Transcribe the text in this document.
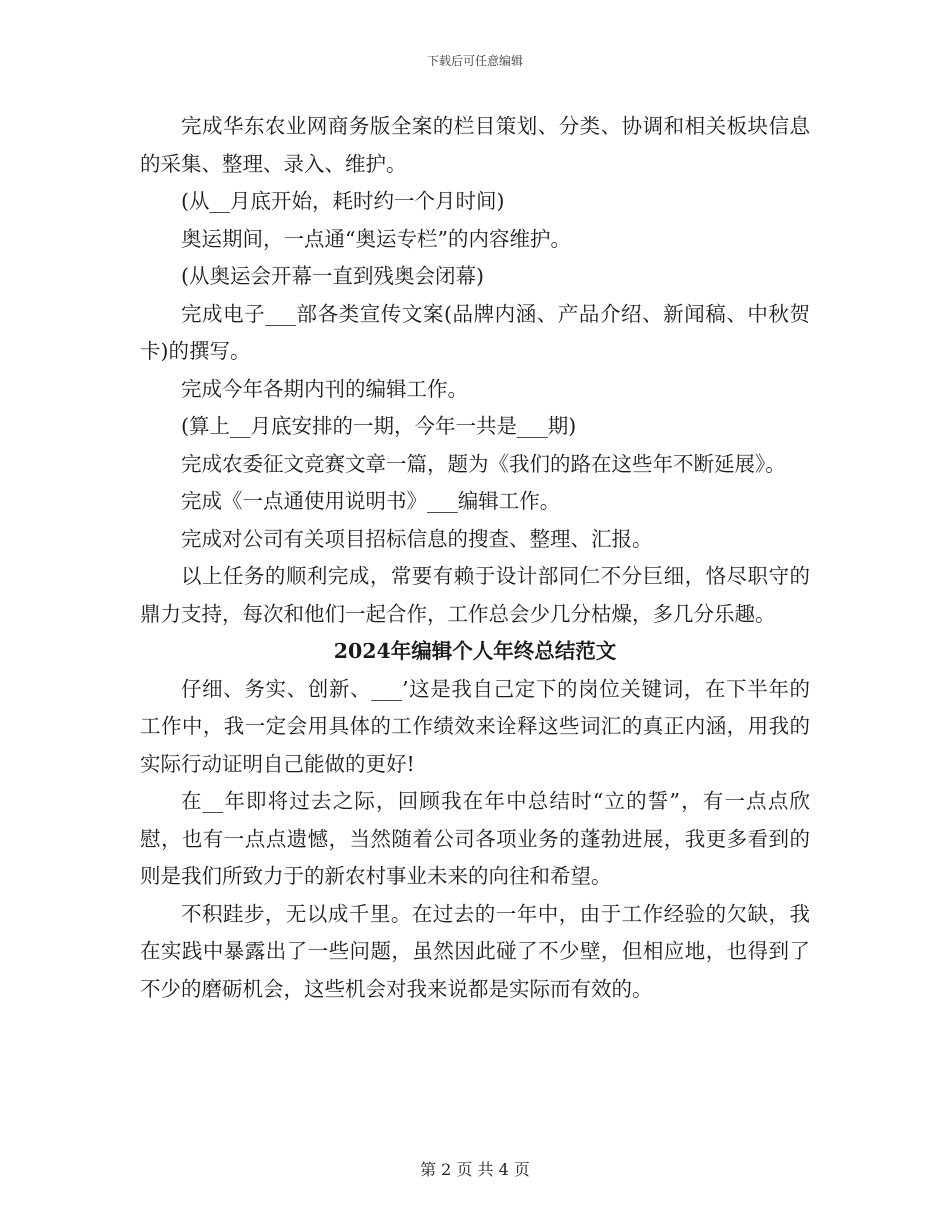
下载后可任意编辑

完成华东农业网商务版全案的栏目策划、分类、协调和相关板块信息的采集、整理、录入、维护。

(从__月底开始，耗时约一个月时间)

奥运期间，一点通“奥运专栏”的内容维护。

(从奥运会开幕一直到残奥会闭幕)

完成电子___部各类宣传文案(品牌内涵、产品介绍、新闻稿、中秋贺卡)的撰写。

完成今年各期内刊的编辑工作。

(算上__月底安排的一期，今年一共是___期)

完成农委征文竞赛文章一篇，题为《我们的路在这些年不断延展》。

完成《一点通使用说明书》___编辑工作。

完成对公司有关项目招标信息的搜查、整理、汇报。

以上任务的顺利完成，常要有赖于设计部同仁不分巨细，恪尽职守的鼎力支持，每次和他们一起合作，工作总会少几分枯燥，多几分乐趣。

2024年编辑个人年终总结范文

仔细、务实、创新、___’这是我自己定下的岗位关键词，在下半年的工作中，我一定会用具体的工作绩效来诠释这些词汇的真正内涵，用我的实际行动证明自己能做的更好!

在__年即将过去之际，回顾我在年中总结时“立的誓”，有一点点欣慰，也有一点点遗憾，当然随着公司各项业务的蓬勃进展，我更多看到的则是我们所致力于的新农村事业未来的向往和希望。

不积跬步，无以成千里。在过去的一年中，由于工作经验的欠缺，我在实践中暴露出了一些问题，虽然因此碰了不少壁，但相应地，也得到了不少的磨砺机会，这些机会对我来说都是实际而有效的。

第 2 页 共 4 页
